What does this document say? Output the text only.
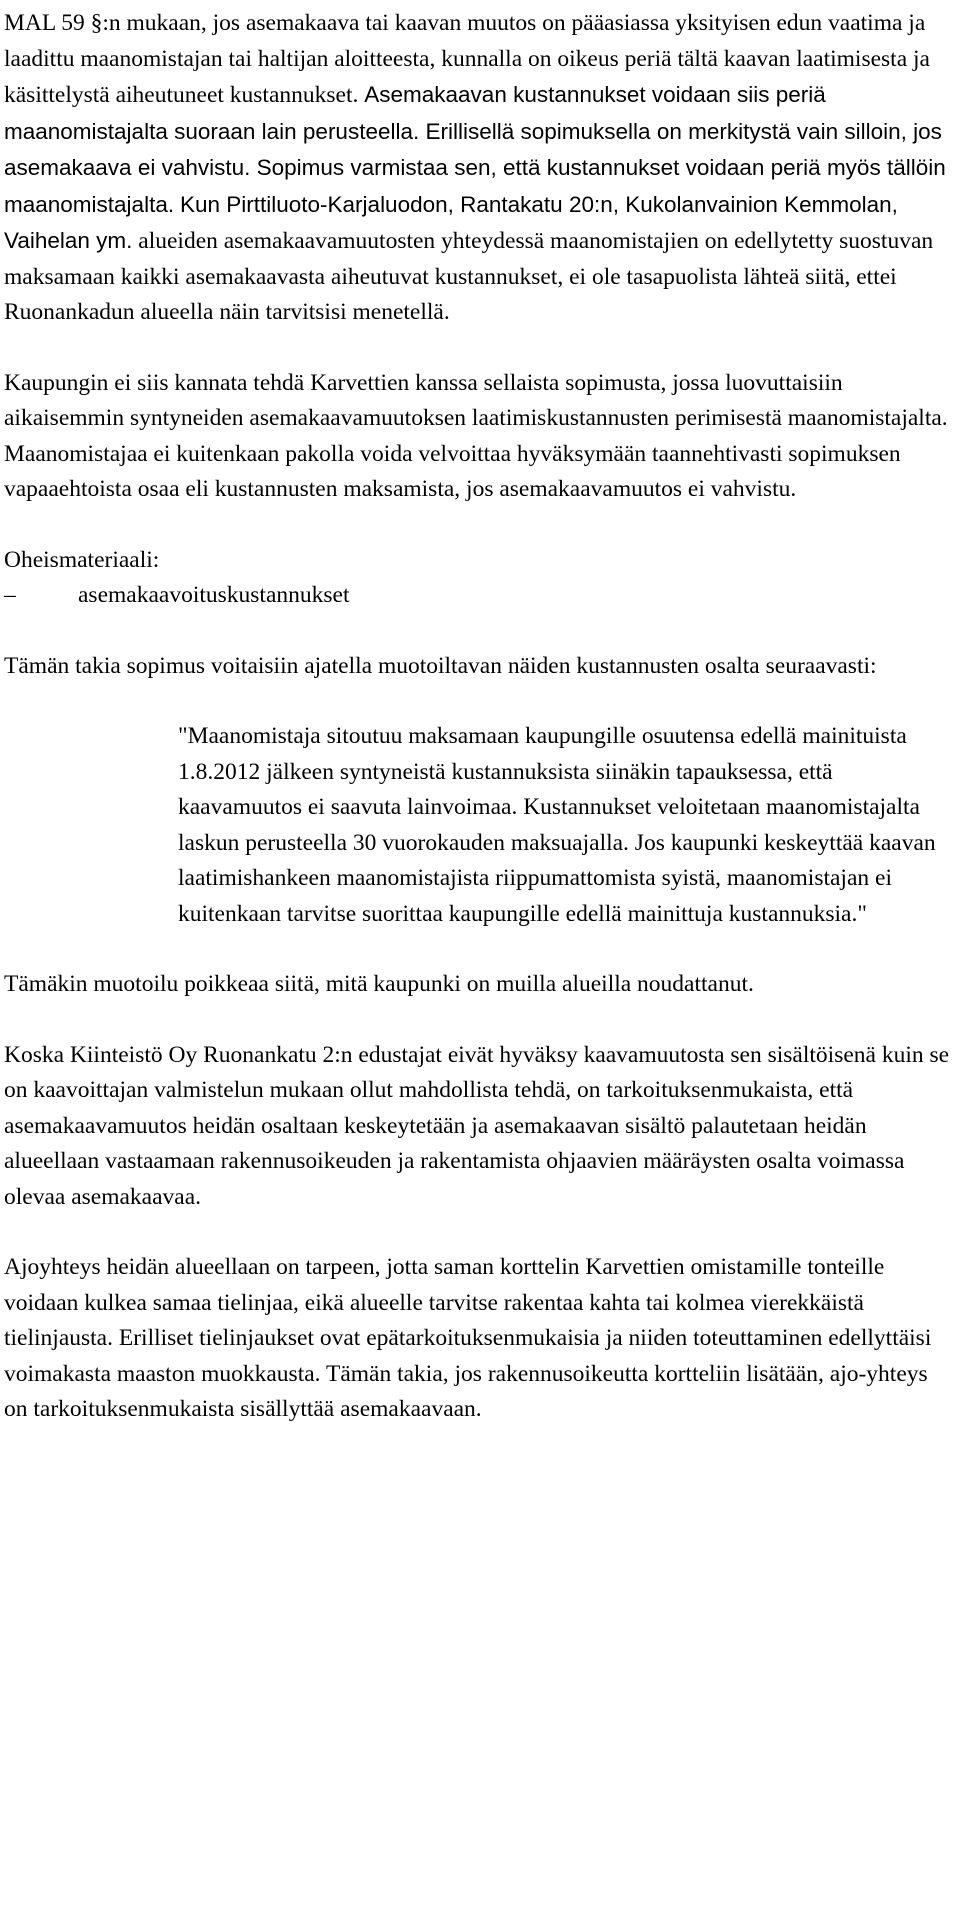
MAL 59 §:n mukaan, jos asemakaava tai kaavan muutos on pääasiassa yksityisen edun vaatima ja laadittu maanomistajan tai haltijan aloitteesta, kunnalla on oikeus periä tältä kaavan laatimisesta ja käsittelystä aiheutuneet kustannukset. Asemakaavan kustannukset voidaan siis periä maanomistajalta suoraan lain perusteella. Erillisellä sopimuksella on merkitystä vain silloin, jos asemakaava ei vahvistu. Sopimus varmistaa sen, että kustannukset voidaan periä myös tällöin maanomistajalta. Kun Pirttiluoto-Karjaluodon, Rantakatu 20:n, Kukolanvainion Kemmolan, Vaihelan ym. alueiden asemakaavamuutosten yhteydessä maanomistajien on edellytetty suostuvan maksamaan kaikki asemakaavasta aiheutuvat kustannukset, ei ole tasapuolista lähteä siitä, ettei Ruonankadun alueella näin tarvitsisi menetellä.

Kaupungin ei siis kannata tehdä Karvettien kanssa sellaista sopimusta, jossa luovuttaisiin aikaisemmin syntyneiden asemakaavamuutoksen laatimiskustannusten perimisestä maanomistajalta. Maanomistajaa ei kuitenkaan pakolla voida velvoittaa hyväksymään taannehtivasti sopimuksen vapaaehtoista osaa eli kustannusten maksamista, jos asemakaavamuutos ei vahvistu.

Oheismateriaali:

–	asemakaavoituskustannukset

Tämän takia sopimus voitaisiin ajatella muotoiltavan näiden kustannusten osalta seuraavasti:

"Maanomistaja sitoutuu maksamaan kaupungille osuutensa edellä mainituista 1.8.2012 jälkeen syntyneistä kustannuksista siinäkin tapauksessa, että kaavamuutos ei saavuta lainvoimaa. Kustannukset veloitetaan maanomistajalta laskun perusteella 30 vuorokauden maksuajalla. Jos kaupunki keskeyttää kaavan laatimishankeen maanomistajista riippumattomista syistä, maanomistajan ei kuitenkaan tarvitse suorittaa kaupungille edellä mainittuja kustannuksia."

Tämäkin muotoilu poikkeaa siitä, mitä kaupunki on muilla alueilla noudattanut.

Koska Kiinteistö Oy Ruonankatu 2:n edustajat eivät hyväksy kaavamuutosta sen sisältöisenä kuin se on kaavoittajan valmistelun mukaan ollut mahdollista tehdä, on tarkoituksenmukaista, että asemakaavamuutos heidän osaltaan keskeytetään ja asemakaavan sisältö palautetaan heidän alueellaan vastaamaan rakennusoikeuden ja rakentamista ohjaavien määräysten osalta voimassa olevaa asemakaavaa.

Ajoyhteys heidän alueellaan on tarpeen, jotta saman korttelin Karvettien omistamille tonteille voidaan kulkea samaa tielinjaa, eikä alueelle tarvitse rakentaa kahta tai kolmea vierekkäistä tielinjausta. Erilliset tielinjaukset ovat epätarkoituksenmukaisia ja niiden toteuttaminen edellyttäisi voimakasta maaston muokkausta. Tämän takia, jos rakennusoikeutta kortteliin lisätään, ajo-yhteys on tarkoituksenmukaista sisällyttää asemakaavaan.
